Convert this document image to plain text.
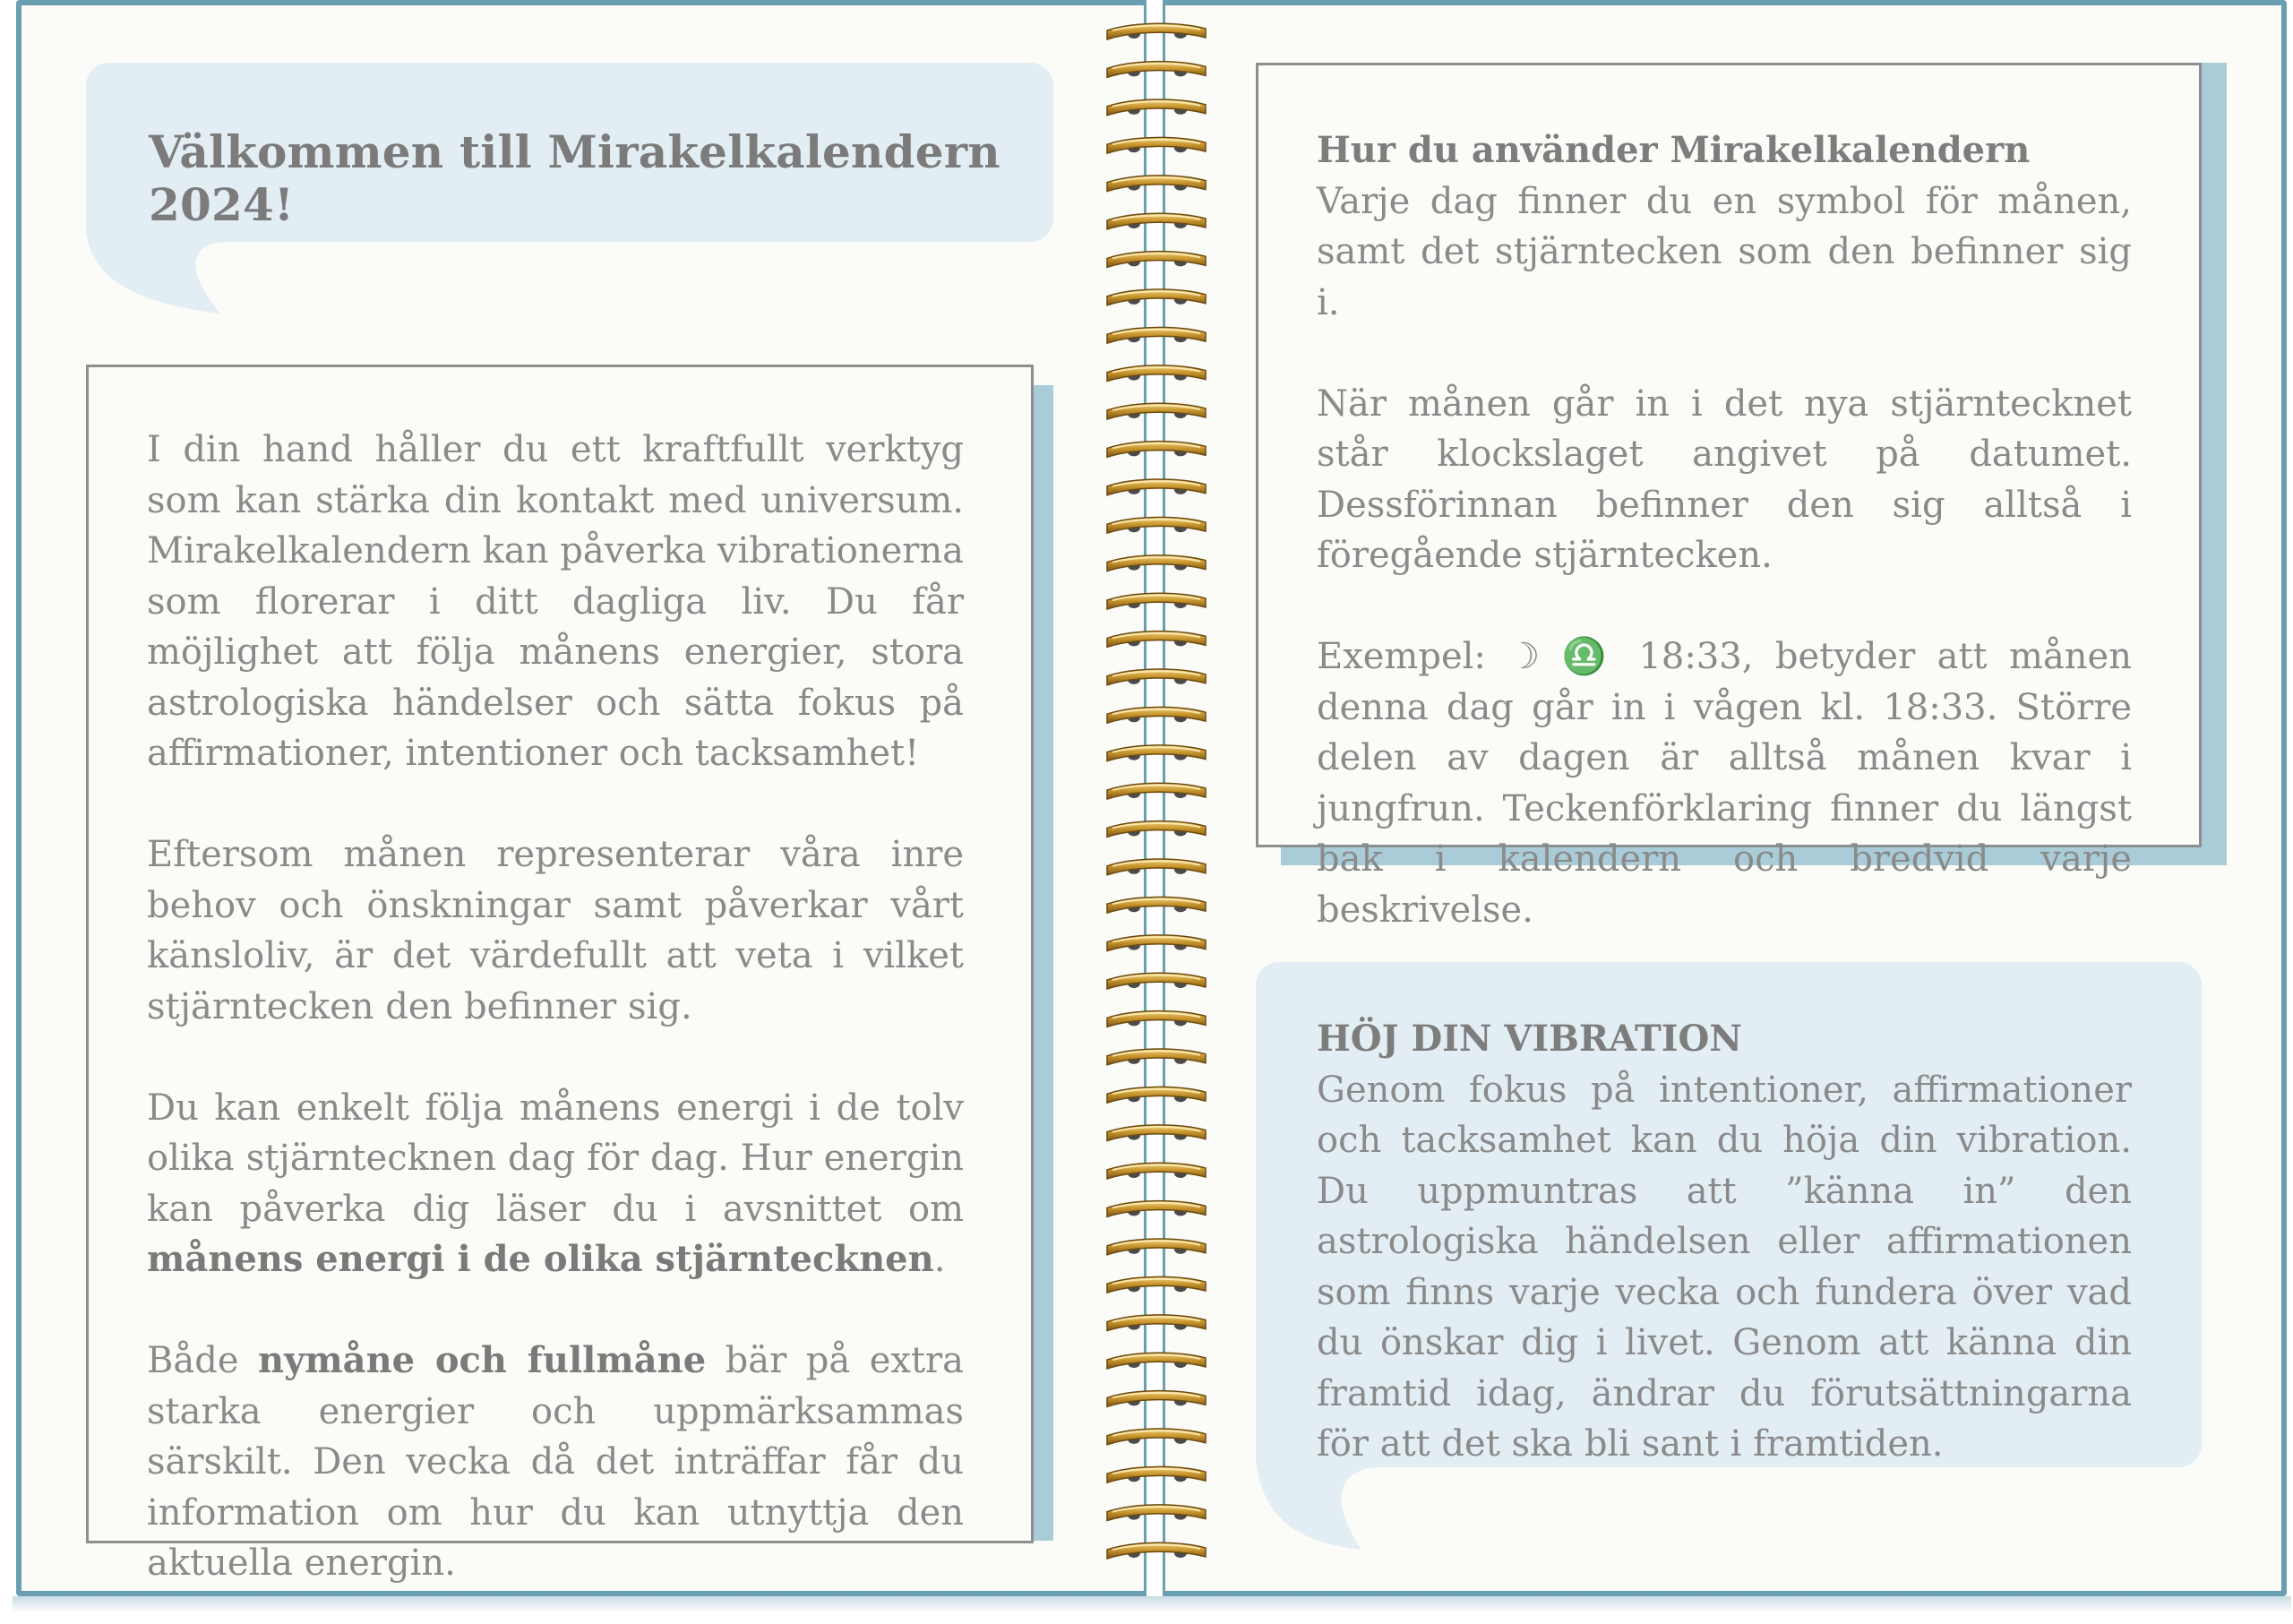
Välkommen till Mirakelkalendern 2024!

I din hand håller du ett kraftfullt verktyg som kan stärka din kontakt med universum. Mirakelkalendern kan påverka vibrationerna som florerar i ditt dagliga liv. Du får möjlighet att följa månens energier, stora astrologiska händelser och sätta fokus på affirmationer, intentioner och tacksamhet!

Eftersom månen representerar våra inre behov och önskningar samt påverkar vårt känsloliv, är det värdefullt att veta i vilket stjärntecken den befinner sig.

Du kan enkelt följa månens energi i de tolv olika stjärntecknen dag för dag. Hur energin kan påverka dig läser du i avsnittet om månens energi i de olika stjärntecknen.

Både nymåne och fullmåne bär på extra starka energier och uppmärksammas särskilt. Den vecka då det inträffar får du information om hur du kan utnyttja den aktuella energin.

Hur du använder Mirakelkalendern
Varje dag finner du en symbol för månen, samt det stjärntecken som den befinner sig i.

När månen går in i det nya stjärntecknet står klockslaget angivet på datumet. Dessförinnan befinner den sig alltså i föregående stjärntecken.

Exempel: ☽ ♎ 18:33, betyder att månen denna dag går in i vågen kl. 18:33. Större delen av dagen är alltså månen kvar i jungfrun. Teckenförklaring finner du längst bak i kalendern och bredvid varje beskrivelse.

HÖJ DIN VIBRATION
Genom fokus på intentioner, affirmationer och tacksamhet kan du höja din vibration. Du uppmuntras att ”känna in” den astrologiska händelsen eller affirmationen som finns varje vecka och fundera över vad du önskar dig i livet. Genom att känna din framtid idag, ändrar du förutsättningarna för att det ska bli sant i framtiden.
